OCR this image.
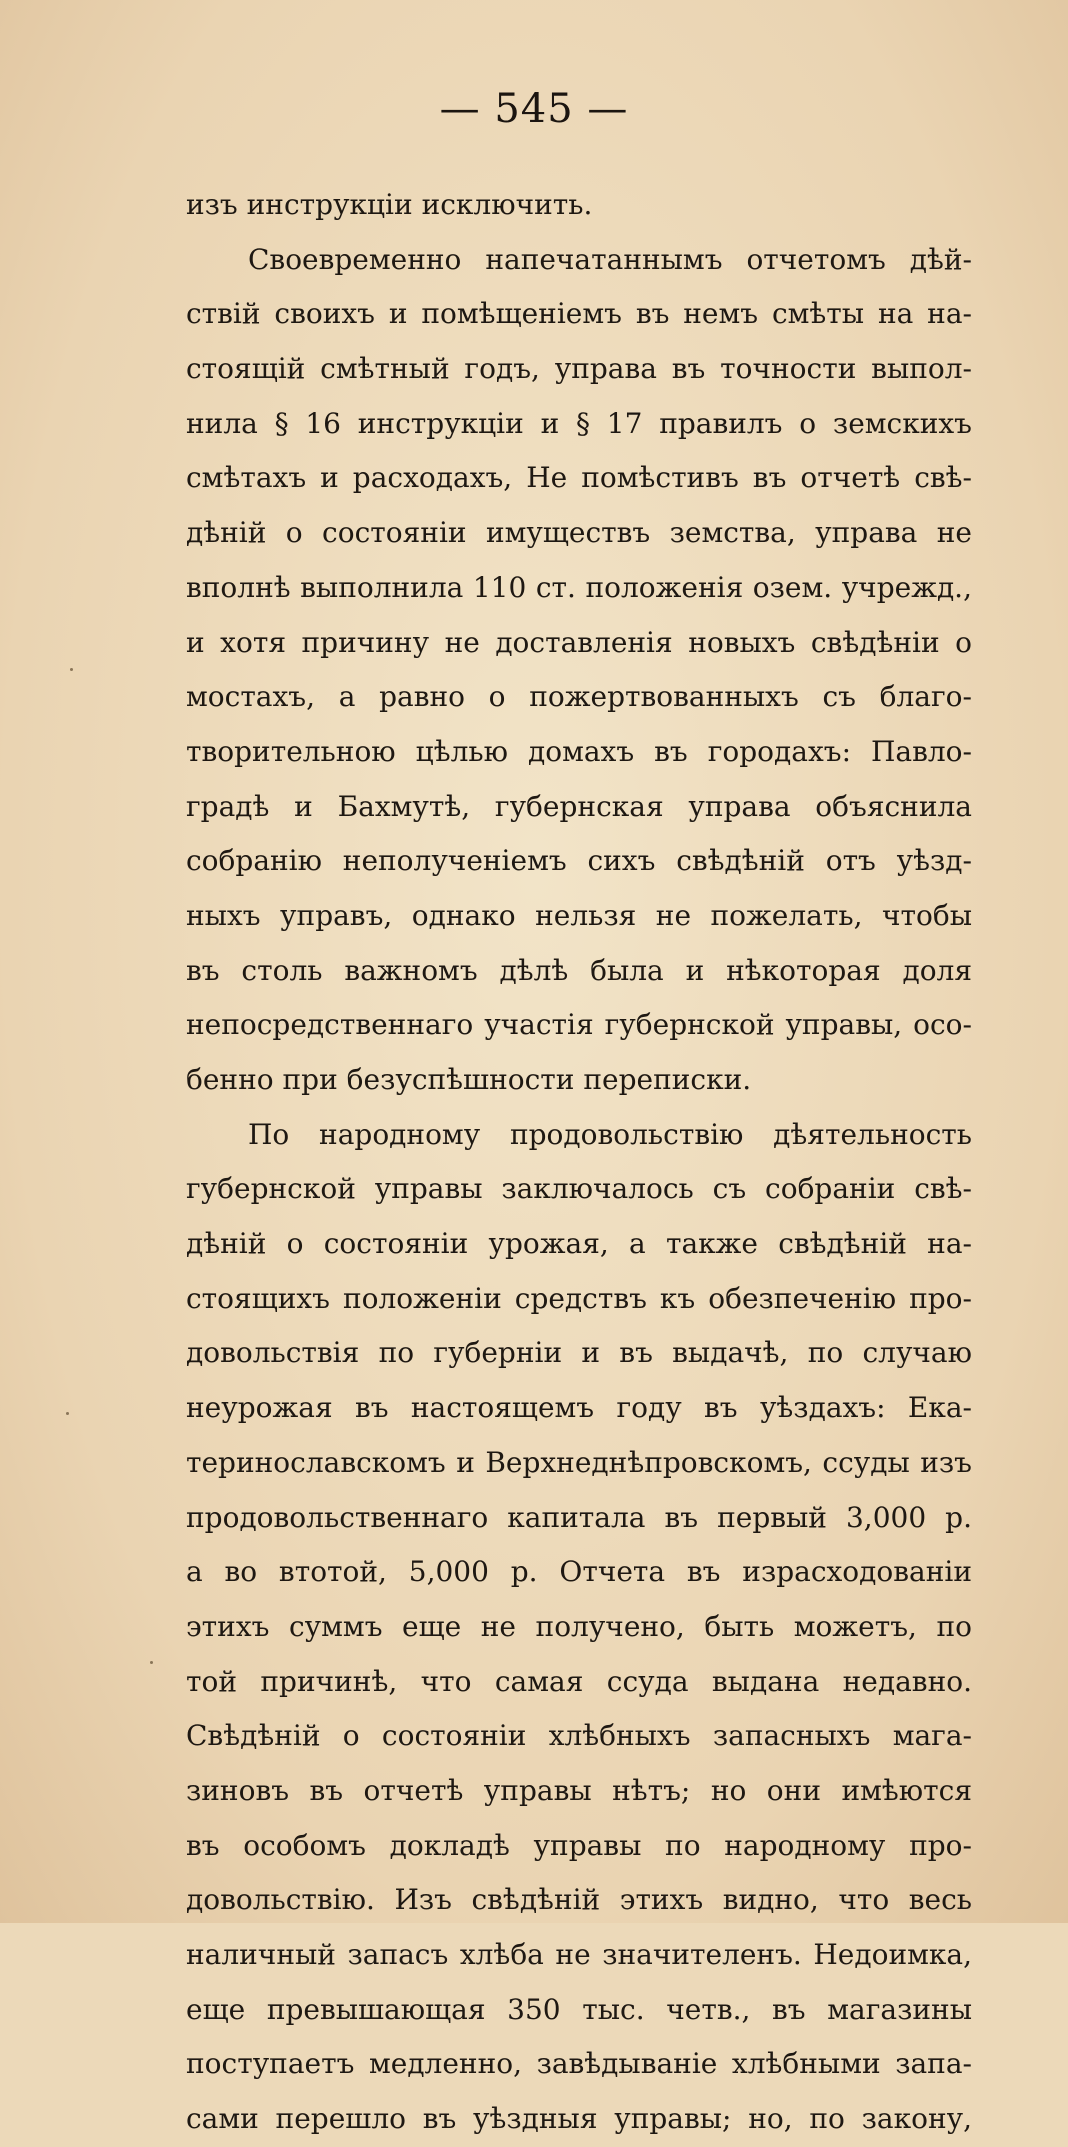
— 545 —
изъ инструкціи исключить.
Своевременно напечатаннымъ отчетомъ дѣй-
ствій своихъ и помѣщеніемъ въ немъ смѣты на на-
стоящій смѣтный годъ, управа въ точности выпол-
нила § 16 инструкціи и § 17 правилъ о земскихъ
смѣтахъ и расходахъ, Не помѣстивъ въ отчетѣ свѣ-
дѣній о состояніи имуществъ земства, управа не
вполнѣ выполнила 110 ст. положенія озем. учрежд.,
и хотя причину не доставленія новыхъ свѣдѣніи о
мостахъ, а равно о пожертвованныхъ съ благо-
творительною цѣлью домахъ въ городахъ: Павло-
градѣ и Бахмутѣ, губернская управа объяснила
собранію неполученіемъ сихъ свѣдѣній отъ уѣзд-
ныхъ управъ, однако нельзя не пожелать, чтобы
въ столь важномъ дѣлѣ была и нѣкоторая доля
непосредственнаго участія губернской управы, осо-
бенно при безуспѣшности переписки.
По народному продовольствію дѣятельность
губернской управы заключалось съ собраніи свѣ-
дѣній о состояніи урожая, а также свѣдѣній на-
стоящихъ положеніи средствъ къ обезпеченію про-
довольствія по губерніи и въ выдачѣ, по случаю
неурожая въ настоящемъ году въ уѣздахъ: Ека-
теринославскомъ и Верхнеднѣпровскомъ, ссуды изъ
продовольственнаго капитала въ первый 3,000 р.
а во втотой, 5,000 р. Отчета въ израсходованіи
этихъ суммъ еще не получено, быть можетъ, по
той причинѣ, что самая ссуда выдана недавно.
Свѣдѣній о состояніи хлѣбныхъ запасныхъ мага-
зиновъ въ отчетѣ управы нѣтъ; но они имѣются
въ особомъ докладѣ управы по народному про-
довольствію. Изъ свѣдѣній этихъ видно, что весь
наличный запасъ хлѣба не значителенъ. Недоимка,
еще превышающая 350 тыс. четв., въ магазины
поступаетъ медленно, завѣдываніе хлѣбными запа-
сами перешло въ уѣздныя управы; но, по закону,
